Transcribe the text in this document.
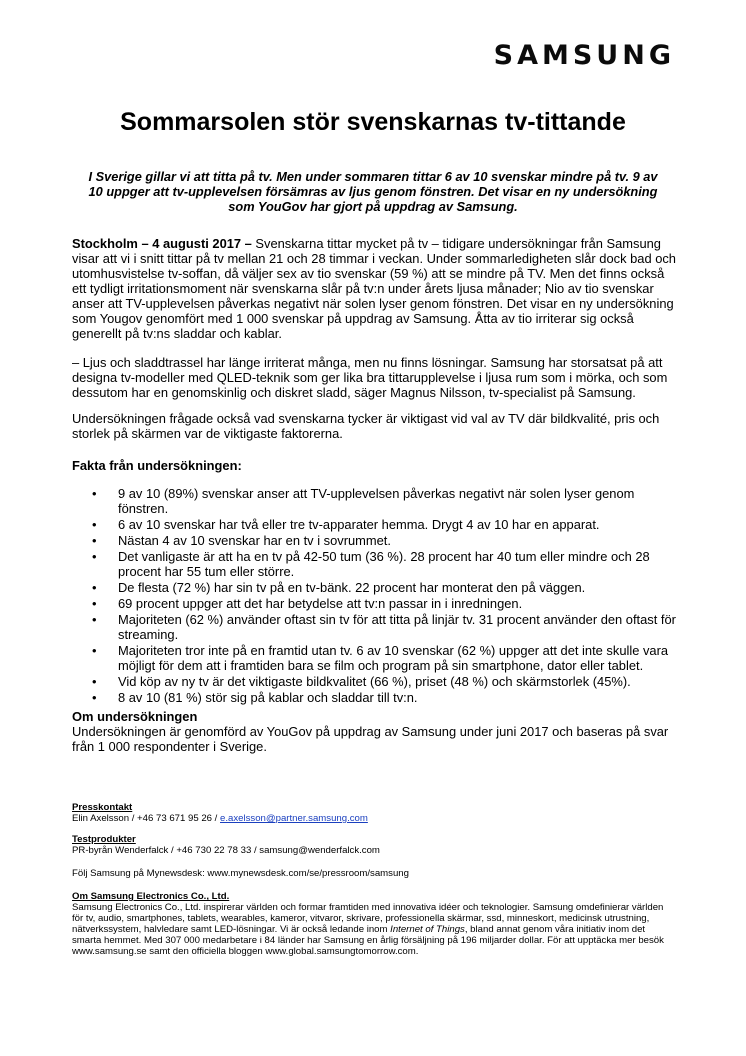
SAMSUNG
Sommarsolen stör svenskarnas tv-tittande

I Sverige gillar vi att titta på tv. Men under sommaren tittar 6 av 10 svenskar mindre på tv. 9 av 10 uppger att tv-upplevelsen försämras av ljus genom fönstren. Det visar en ny undersökning som YouGov har gjort på uppdrag av Samsung.

Stockholm – 4 augusti 2017 – Svenskarna tittar mycket på tv – tidigare undersökningar från Samsung visar att vi i snitt tittar på tv mellan 21 och 28 timmar i veckan. Under sommarledigheten slår dock bad och utomhusvistelse tv-soffan, då väljer sex av tio svenskar (59 %) att se mindre på TV. Men det finns också ett tydligt irritationsmoment när svenskarna slår på tv:n under årets ljusa månader; Nio av tio svenskar anser att TV-upplevelsen påverkas negativt när solen lyser genom fönstren. Det visar en ny undersökning som Yougov genomfört med 1 000 svenskar på uppdrag av Samsung. Åtta av tio irriterar sig också generellt på tv:ns sladdar och kablar.

– Ljus och sladdtrassel har länge irriterat många, men nu finns lösningar. Samsung har storsatsat på att designa tv-modeller med QLED-teknik som ger lika bra tittarupplevelse i ljusa rum som i mörka, och som dessutom har en genomskinlig och diskret sladd, säger Magnus Nilsson, tv-specialist på Samsung.

Undersökningen frågade också vad svenskarna tycker är viktigast vid val av TV där bildkvalité, pris och storlek på skärmen var de viktigaste faktorerna.

Fakta från undersökningen:

• 9 av 10 (89%) svenskar anser att TV-upplevelsen påverkas negativt när solen lyser genom fönstren.
• 6 av 10 svenskar har två eller tre tv-apparater hemma. Drygt 4 av 10 har en apparat.
• Nästan 4 av 10 svenskar har en tv i sovrummet.
• Det vanligaste är att ha en tv på 42-50 tum (36 %). 28 procent har 40 tum eller mindre och 28 procent har 55 tum eller större.
• De flesta (72 %) har sin tv på en tv-bänk. 22 procent har monterat den på väggen.
• 69 procent uppger att det har betydelse att tv:n passar in i inredningen.
• Majoriteten (62 %) använder oftast sin tv för att titta på linjär tv. 31 procent använder den oftast för streaming.
• Majoriteten tror inte på en framtid utan tv. 6 av 10 svenskar (62 %) uppger att det inte skulle vara möjligt för dem att i framtiden bara se film och program på sin smartphone, dator eller tablet.
• Vid köp av ny tv är det viktigaste bildkvalitet (66 %), priset (48 %) och skärmstorlek (45%).
• 8 av 10 (81 %) stör sig på kablar och sladdar till tv:n.

Om undersökningen

Undersökningen är genomförd av YouGov på uppdrag av Samsung under juni 2017 och baseras på svar från 1 000 respondenter i Sverige.

Presskontakt
Elin Axelsson / +46 73 671 95 26 / e.axelsson@partner.samsung.com
Testprodukter
PR-byrån Wenderfalck / +46 730 22 78 33 / samsung@wenderfalck.com
Följ Samsung på Mynewsdesk: www.mynewsdesk.com/se/pressroom/samsung
Om Samsung Electronics Co., Ltd.
Samsung Electronics Co., Ltd. inspirerar världen och formar framtiden med innovativa idéer och teknologier. Samsung omdefinierar världen för tv, audio, smartphones, tablets, wearables, kameror, vitvaror, skrivare, professionella skärmar, ssd, minneskort, medicinsk utrustning, nätverkssystem, halvledare samt LED-lösningar. Vi är också ledande inom Internet of Things, bland annat genom våra initiativ inom det smarta hemmet. Med 307 000 medarbetare i 84 länder har Samsung en årlig försäljning på 196 miljarder dollar. För att upptäcka mer besök www.samsung.se samt den officiella bloggen www.global.samsungtomorrow.com.
